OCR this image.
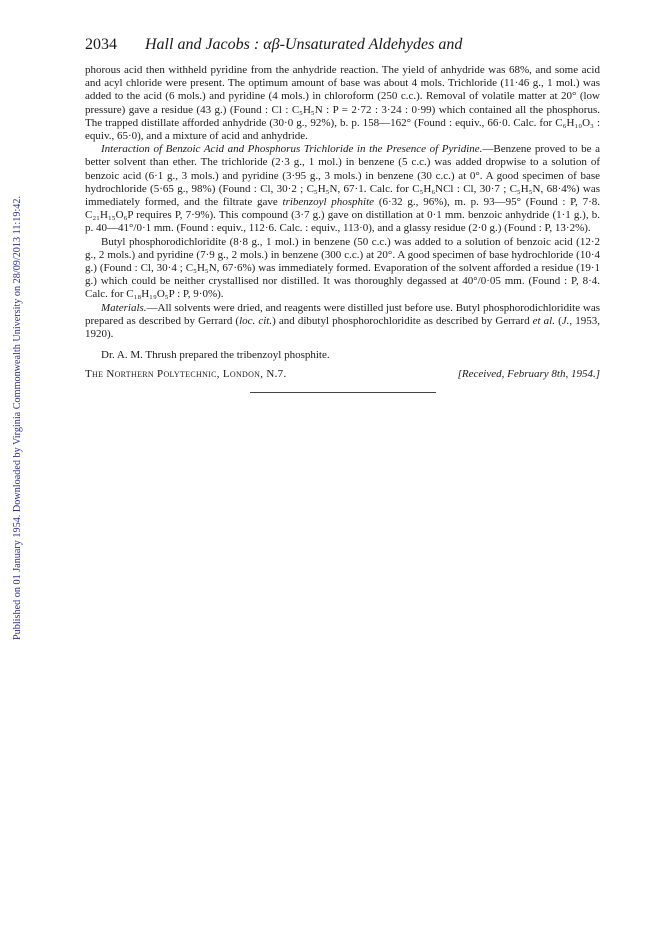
Published on 01 January 1954. Downloaded by Virginia Commonwealth University on 28/09/2013 11:19:42.
2034 Hall and Jacobs : αβ-Unsaturated Aldehydes and

phorous acid then withheld pyridine from the anhydride reaction. The yield of anhydride was 68%, and some acid and acyl chloride were present. The optimum amount of base was about 4 mols. Trichloride (11·46 g., 1 mol.) was added to the acid (6 mols.) and pyridine (4 mols.) in chloroform (250 c.c.). Removal of volatile matter at 20° (low pressure) gave a residue (43 g.) (Found : Cl : C₅H₅N : P = 2·72 : 3·24 : 0·99) which contained all the phosphorus. The trapped distillate afforded anhydride (30·0 g., 92%), b. p. 158—162° (Found : equiv., 66·0. Calc. for C₆H₁₀O₃ : equiv., 65·0), and a mixture of acid and anhydride.

Interaction of Benzoic Acid and Phosphorus Trichloride in the Presence of Pyridine.—Benzene proved to be a better solvent than ether. The trichloride (2·3 g., 1 mol.) in benzene (5 c.c.) was added dropwise to a solution of benzoic acid (6·1 g., 3 mols.) and pyridine (3·95 g., 3 mols.) in benzene (30 c.c.) at 0°. A good specimen of base hydrochloride (5·65 g., 98%) (Found : Cl, 30·2 ; C₅H₅N, 67·1. Calc. for C₅H₆NCl : Cl, 30·7 ; C₅H₅N, 68·4%) was immediately formed, and the filtrate gave tribenzoyl phosphite (6·32 g., 96%), m. p. 93—95° (Found : P, 7·8. C₂₁H₁₅O₆P requires P, 7·9%). This compound (3·7 g.) gave on distillation at 0·1 mm. benzoic anhydride (1·1 g.), b. p. 40—41°/0·1 mm. (Found : equiv., 112·6. Calc. : equiv., 113·0), and a glassy residue (2·0 g.) (Found : P, 13·2%).

Butyl phosphorodichloridite (8·8 g., 1 mol.) in benzene (50 c.c.) was added to a solution of benzoic acid (12·2 g., 2 mols.) and pyridine (7·9 g., 2 mols.) in benzene (300 c.c.) at 20°. A good specimen of base hydrochloride (10·4 g.) (Found : Cl, 30·4 ; C₅H₅N, 67·6%) was immediately formed. Evaporation of the solvent afforded a residue (19·1 g.) which could be neither crystallised nor distilled. It was thoroughly degassed at 40°/0·05 mm. (Found : P, 8·4. Calc. for C₁₈H₁₉O₅P : P, 9·0%).

Materials.—All solvents were dried, and reagents were distilled just before use. Butyl phosphorodichloridite was prepared as described by Gerrard (loc. cit.) and dibutyl phosphorochloridite as described by Gerrard et al. (J., 1953, 1920).

Dr. A. M. Thrush prepared the tribenzoyl phosphite.

The Northern Polytechnic, London, N.7.	[Received, February 8th, 1954.]
